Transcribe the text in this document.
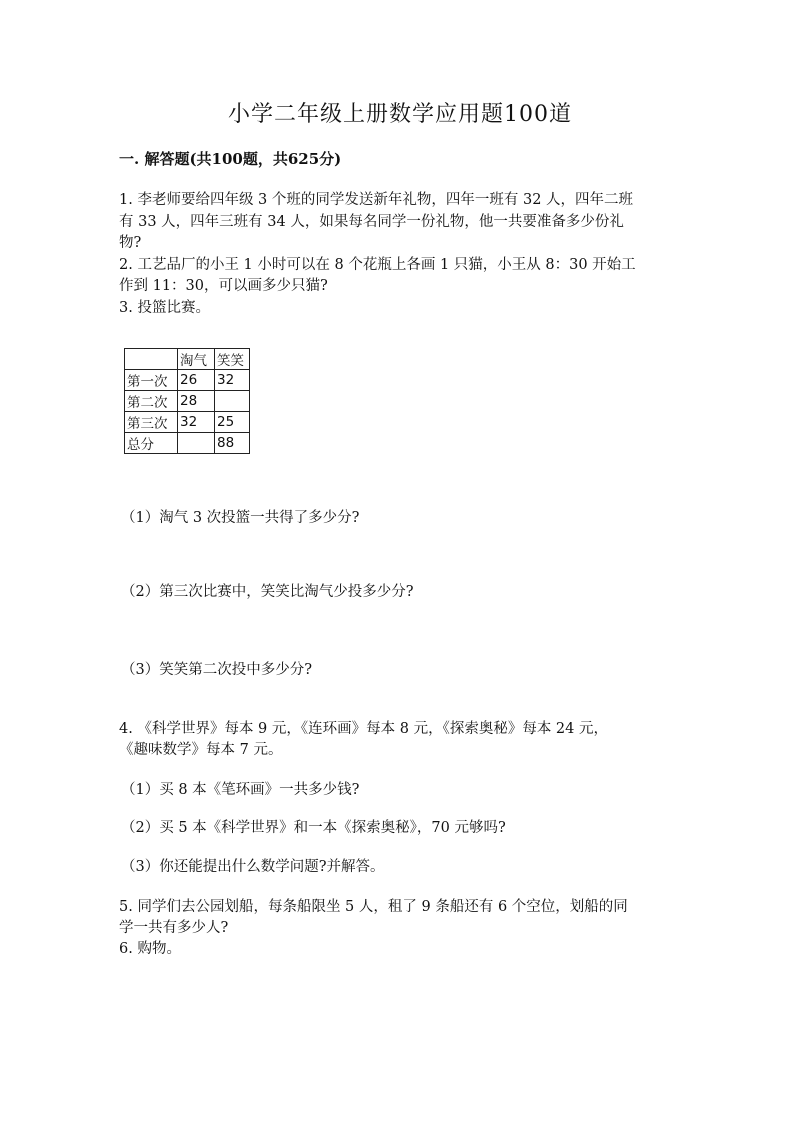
小学二年级上册数学应用题100道
一. 解答题(共100题，共625分)
1. 李老师要给四年级 3 个班的同学发送新年礼物，四年一班有 32 人，四年二班
有 33 人，四年三班有 34 人，如果每名同学一份礼物，他一共要准备多少份礼
物?
2. 工艺品厂的小王 1 小时可以在 8 个花瓶上各画 1 只猫，小王从 8：30 开始工
作到 11：30，可以画多少只猫?
3. 投篮比赛。
	淘气	笑笑
第一次	26	32
第二次	28	
第三次	32	25
总分		88
（1）淘气 3 次投篮一共得了多少分?
（2）第三次比赛中，笑笑比淘气少投多少分?
（3）笑笑第二次投中多少分?
4. 《科学世界》每本 9 元，《连环画》每本 8 元，《探索奥秘》每本 24 元，
《趣味数学》每本 7 元。
（1）买 8 本《笔环画》一共多少钱?
（2）买 5 本《科学世界》和一本《探索奥秘》，70 元够吗?
（3）你还能提出什么数学问题?并解答。
5. 同学们去公园划船，每条船限坐 5 人，租了 9 条船还有 6 个空位，划船的同
学一共有多少人?
6. 购物。
